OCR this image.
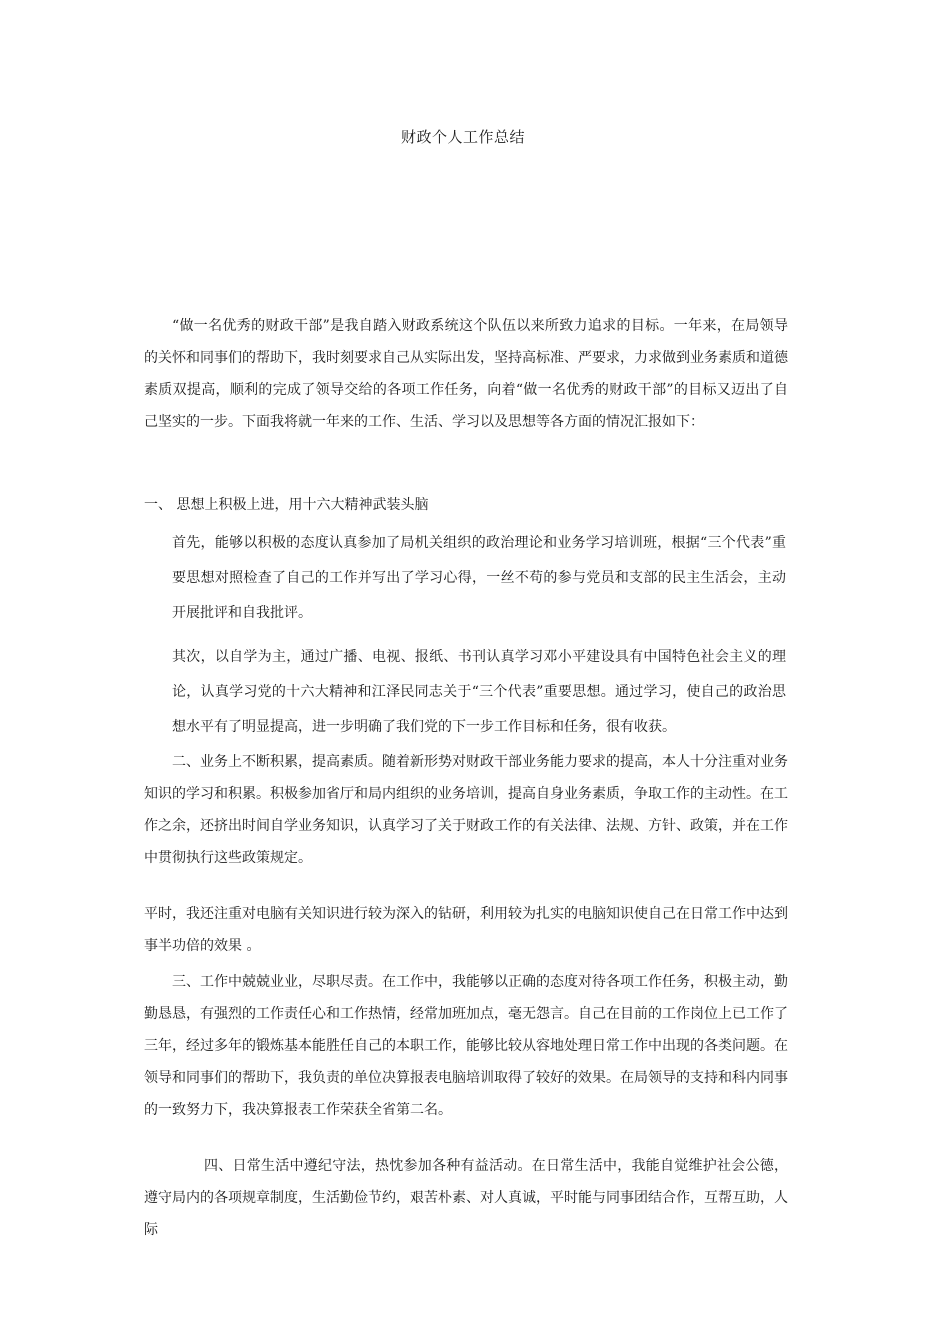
财政个人工作总结

“做一名优秀的财政干部”是我自踏入财政系统这个队伍以来所致力追求的目标。一年来，在局领导的关怀和同事们的帮助下，我时刻要求自己从实际出发，坚持高标准、严要求，力求做到业务素质和道德素质双提高，顺利的完成了领导交给的各项工作任务，向着“做一名优秀的财政干部”的目标又迈出了自己坚实的一步。下面我将就一年来的工作、生活、学习以及思想等各方面的情况汇报如下：

一、 思想上积极上进，用十六大精神武装头脑

首先，能够以积极的态度认真参加了局机关组织的政治理论和业务学习培训班，根据“三个代表”重要思想对照检查了自己的工作并写出了学习心得，一丝不苟的参与党员和支部的民主生活会，主动开展批评和自我批评。

其次，以自学为主，通过广播、电视、报纸、书刊认真学习邓小平建设具有中国特色社会主义的理论，认真学习党的十六大精神和江泽民同志关于“三个代表”重要思想。通过学习，使自己的政治思想水平有了明显提高，进一步明确了我们党的下一步工作目标和任务，很有收获。

二、业务上不断积累，提高素质。随着新形势对财政干部业务能力要求的提高，本人十分注重对业务知识的学习和积累。积极参加省厅和局内组织的业务培训，提高自身业务素质，争取工作的主动性。在工作之余，还挤出时间自学业务知识，认真学习了关于财政工作的有关法律、法规、方针、政策，并在工作中贯彻执行这些政策规定。

平时，我还注重对电脑有关知识进行较为深入的钻研，利用较为扎实的电脑知识使自己在日常工作中达到事半功倍的效果 。

三、工作中兢兢业业，尽职尽责。在工作中，我能够以正确的态度对待各项工作任务，积极主动，勤勤恳恳，有强烈的工作责任心和工作热情，经常加班加点，毫无怨言。自己在目前的工作岗位上已工作了三年，经过多年的锻炼基本能胜任自己的本职工作，能够比较从容地处理日常工作中出现的各类问题。在领导和同事们的帮助下，我负责的单位决算报表电脑培训取得了较好的效果。在局领导的支持和科内同事的一致努力下，我决算报表工作荣获全省第二名。

四、日常生活中遵纪守法，热忱参加各种有益活动。在日常生活中，我能自觉维护社会公德，遵守局内的各项规章制度，生活勤俭节约，艰苦朴素、对人真诚，平时能与同事团结合作，互帮互助，人际
